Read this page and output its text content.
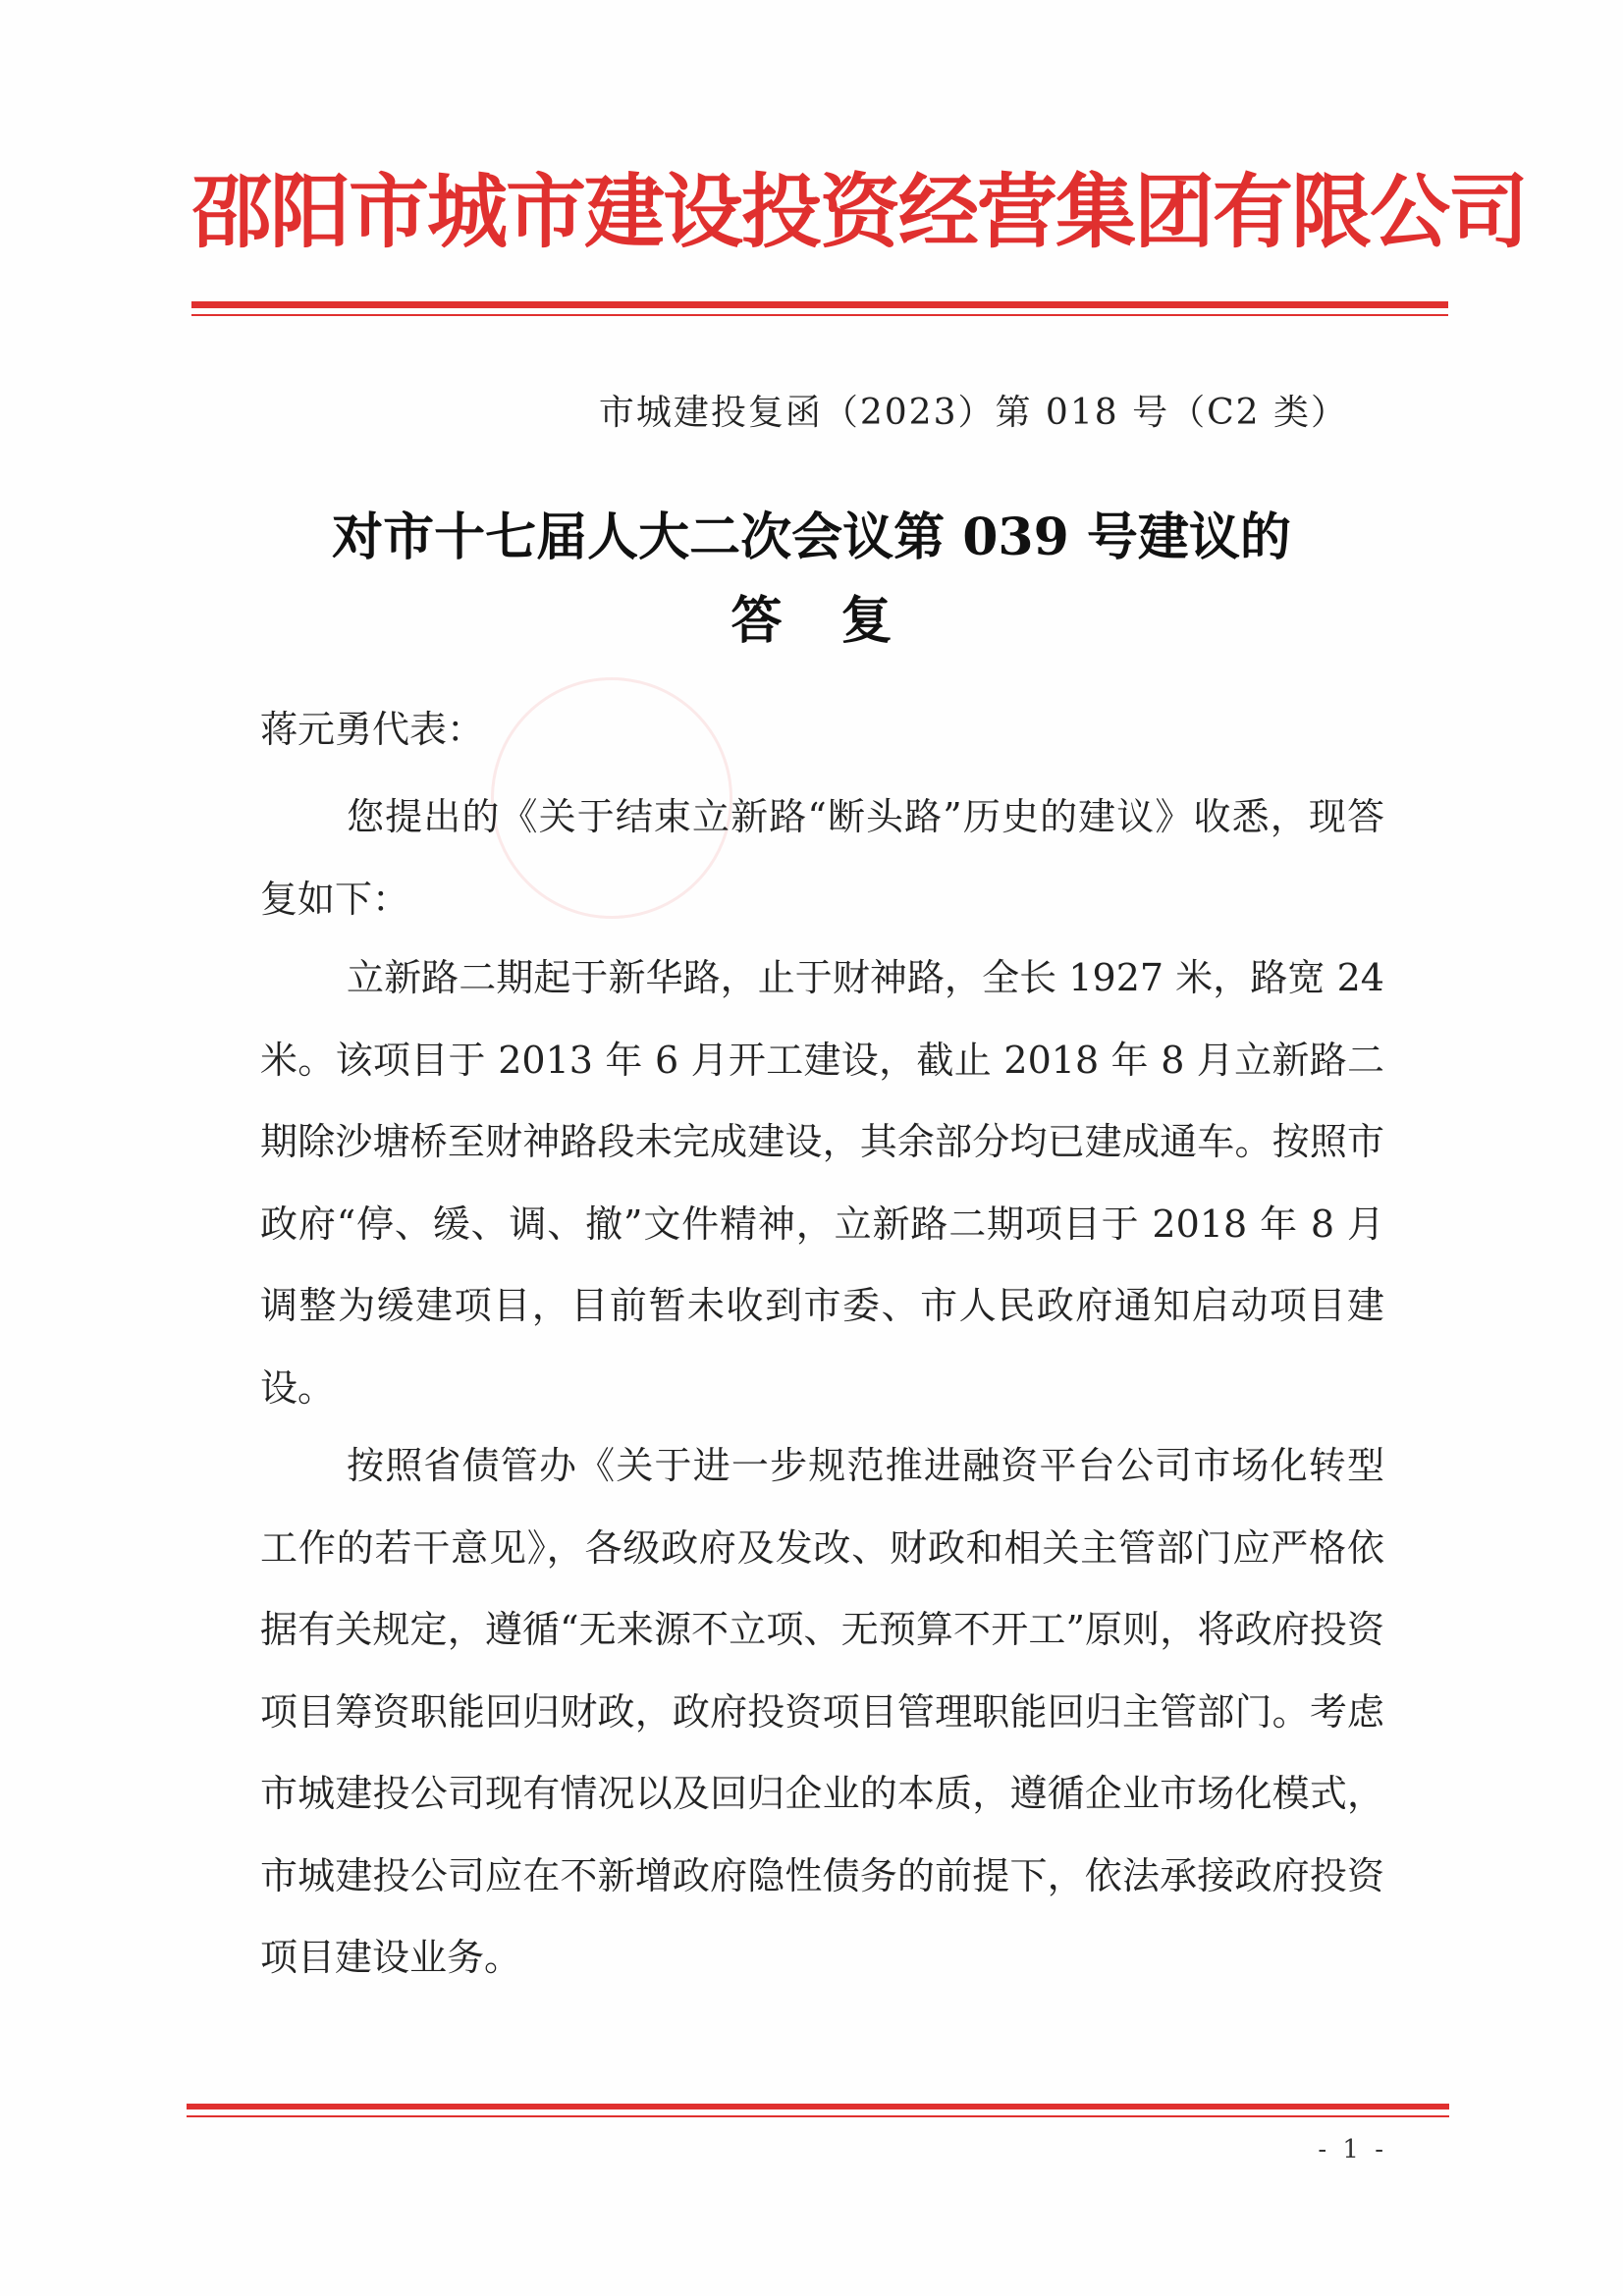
邵阳市城市建设投资经营集团有限公司
市城建投复函（2023）第 018 号（C2 类）
对市十七届人大二次会议第 039 号建议的
答复
蒋元勇代表：
您提出的《关于结束立新路“断头路”历史的建议》收悉，现答复如下：
立新路二期起于新华路，止于财神路，全长 1927 米，路宽 24 米。该项目于 2013 年 6 月开工建设，截止 2018 年 8 月立新路二期除沙塘桥至财神路段未完成建设，其余部分均已建成通车。按照市政府“停、缓、调、撤”文件精神，立新路二期项目于 2018 年 8 月调整为缓建项目，目前暂未收到市委、市人民政府通知启动项目建设。
按照省债管办《关于进一步规范推进融资平台公司市场化转型工作的若干意见》，各级政府及发改、财政和相关主管部门应严格依据有关规定，遵循“无来源不立项、无预算不开工”原则，将政府投资项目筹资职能回归财政，政府投资项目管理职能回归主管部门。考虑市城建投公司现有情况以及回归企业的本质，遵循企业市场化模式，市城建投公司应在不新增政府隐性债务的前提下，依法承接政府投资项目建设业务。
- 1 -
